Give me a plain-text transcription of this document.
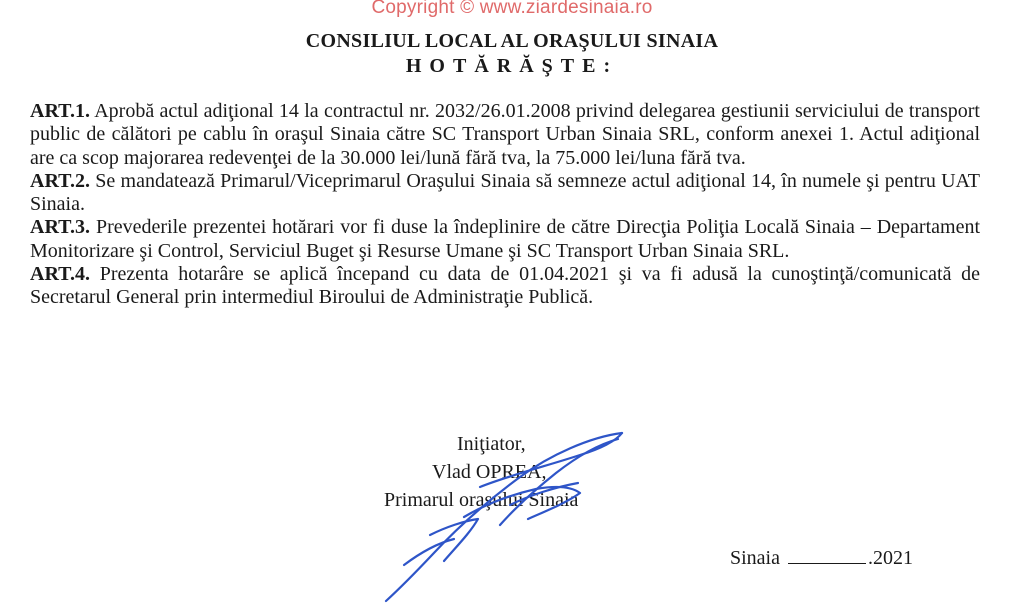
Copyright © www.ziardesinaia.ro
CONSILIUL LOCAL AL ORAŞULUI SINAIA
HOTĂRĂŞTE:

ART.1. Aprobă actul adiţional 14 la contractul nr. 2032/26.01.2008 privind delegarea gestiunii serviciului de transport public de călători pe cablu în oraşul Sinaia către SC Transport Urban Sinaia SRL, conform anexei 1. Actul adiţional are ca scop majorarea redevenţei de la 30.000 lei/lună fără tva, la 75.000 lei/luna fără tva.

ART.2. Se mandatează Primarul/Viceprimarul Oraşului Sinaia să semneze actul adiţional 14, în numele şi pentru UAT Sinaia.

ART.3. Prevederile prezentei hotărari vor fi duse la îndeplinire de către Direcţia Poliţia Locală Sinaia – Departament Monitorizare şi Control, Serviciul Buget şi Resurse Umane şi SC Transport Urban Sinaia SRL.

ART.4. Prezenta hotarâre se aplică începand cu data de 01.04.2021 şi va fi adusă la cunoştinţă/comunicată de Secretarul General prin intermediul Biroului de Administraţie Publică.

Iniţiator,
Vlad OPREA,
Primarul oraşului Sinaia
Sinaia	.2021
